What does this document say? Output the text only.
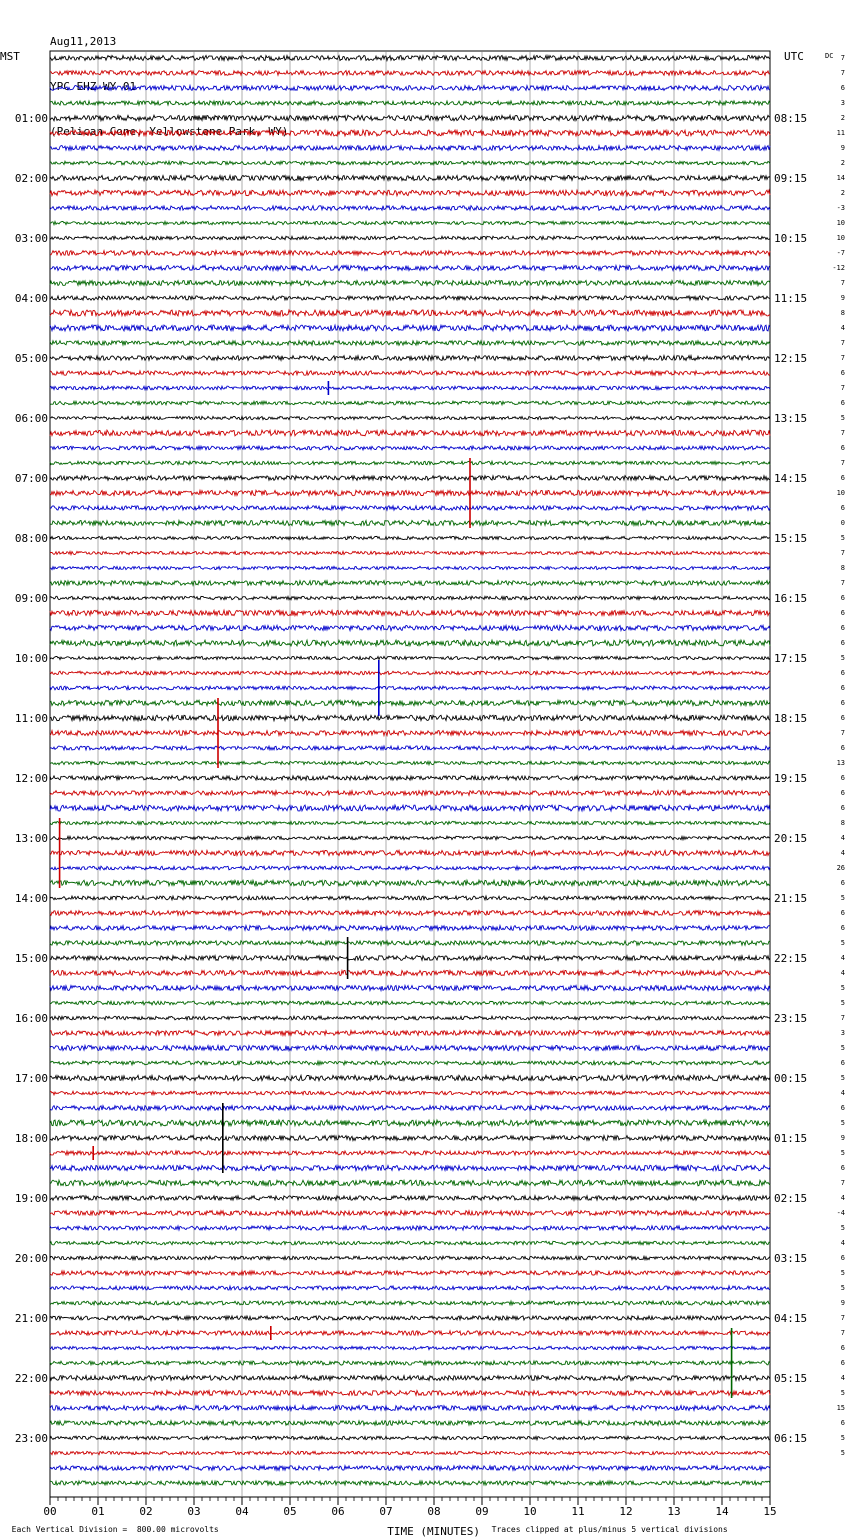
Aug11,2013

YPC EHZ WY 01

(Pelican Cone, Yellowstone Park, WY)

MST	UTC	DC
01:00
02:00
03:00
04:00
05:00
06:00
07:00
08:00
09:00
10:00
11:00
12:00
13:00
14:00
15:00
16:00
17:00
18:00
19:00
20:00
21:00
22:00
23:00
08:15
09:15
10:15
11:15
12:15
13:15
14:15
15:15
16:15
17:15
18:15
19:15
20:15
21:15
22:15
23:15
00:15
01:15
02:15
03:15
04:15
05:15
06:15
7
7
6
3
2
11
9
2
14
2
-3
10
10
-7
-12
7
9
8
4
7
7
6
7
6
5
7
6
7
6
10
6
0
5
7
8
7
6
6
6
6
5
6
6
6
6
7
6
13
6
6
6
8
4
4
26
6
5
6
6
5
4
4
5
5
7
3
5
6
5
4
6
5
9
5
6
7
4
-4
5
4
6
5
5
9
7
7
6
6
4
5
15
6
5
5
00	01	02	03	04	05	06	07	08	09	10	11	12	13	14	15

Each Vertical Division =  800.00 microvolts	TIME (MINUTES)	Traces clipped at plus/minus 5 vertical divisions
